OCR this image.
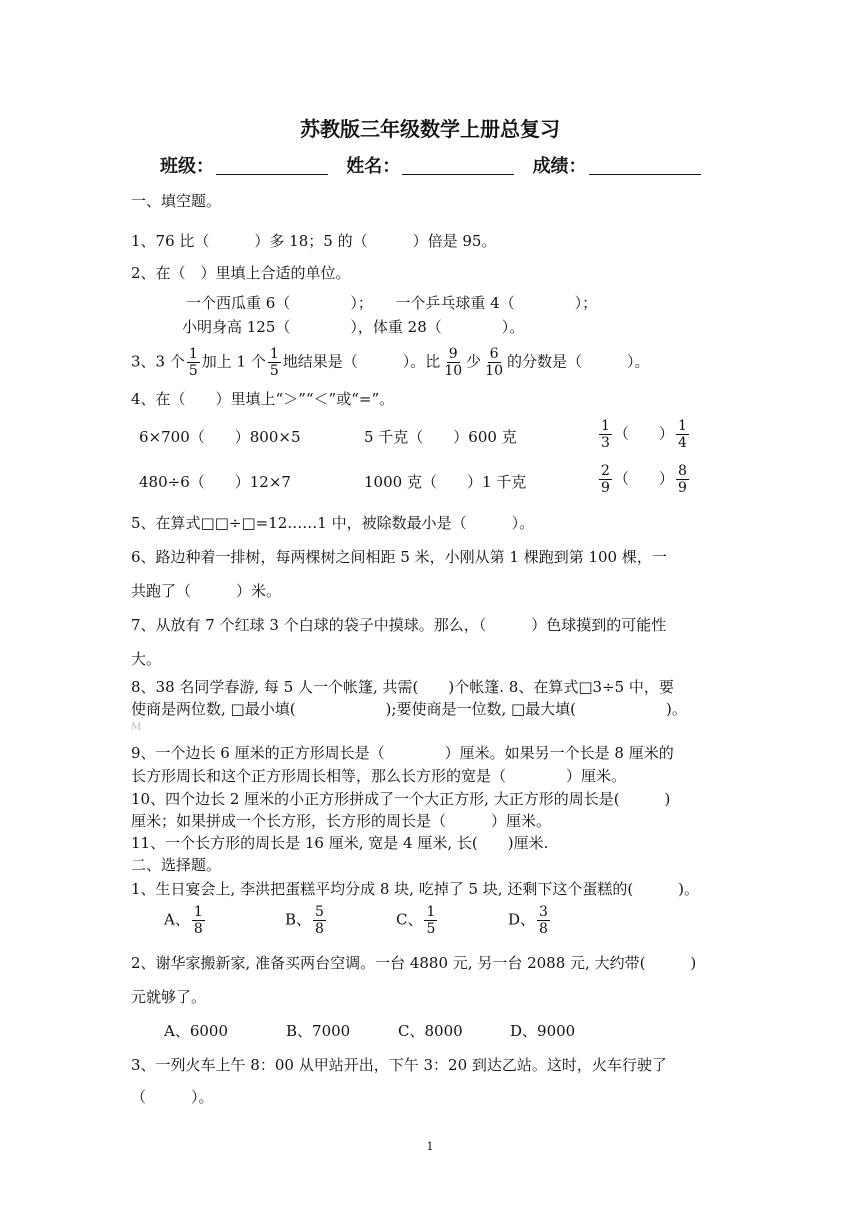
苏教版三年级数学上册总复习
班级：	姓名：	成绩：
一、填空题。
1、76 比（　　　）多 18；5 的（　　　）倍是 95。
2、在（　）里填上合适的单位。
一个西瓜重 6（　　　　）；　　一个乒乓球重 4（　　　　）；
小明身高 125（　　　　），体重 28（　　　　）。
3、3 个 $\frac{1}{5}$ 加上 1 个 $\frac{1}{5}$ 地结果是（　　　）。比 $\frac{9}{10}$ 少 $\frac{6}{10}$ 的分数是（　　　）。
4、在（　　）里填上“＞”“＜”或“=”。
6×700（　　）800×5	5 千克（　　）600 克	$\frac{1}{3}$ （　　） $\frac{1}{4}$
480÷6（　　）12×7	1000 克（　　）1 千克	$\frac{2}{9}$ （　　） $\frac{8}{9}$
5、在算式□□÷□=12……1 中，被除数最小是（　　　）。
6、路边种着一排树，每两棵树之间相距 5 米，小刚从第 1 棵跑到第 100 棵，一
共跑了（　　　）米。
7、从放有 7 个红球 3 个白球的袋子中摸球。那么，（　　　）色球摸到的可能性
大。
8、38 名同学春游, 每 5 人一个帐篷, 共需(　　)个帐篷. 8、在算式□3÷5 中，要
使商是两位数, □最小填(　　　　　　);要使商是一位数, □最大填(　　　　　　)。
M
9、一个边长 6 厘米的正方形周长是（　　　　）厘米。如果另一个长是 8 厘米的
长方形周长和这个正方形周长相等，那么长方形的宽是（　　　　）厘米。
10、四个边长 2 厘米的小正方形拼成了一个大正方形, 大正方形的周长是(　　　)
厘米；如果拼成一个长方形，长方形的周长是（　　　）厘米。
11、一个长方形的周长是 16 厘米, 宽是 4 厘米, 长(　　)厘米.
二、选择题。
1、生日宴会上, 李洪把蛋糕平均分成 8 块, 吃掉了 5 块, 还剩下这个蛋糕的(　　　)。
A、 $\frac{1}{8}$	B、 $\frac{5}{8}$	C、 $\frac{1}{5}$	D、 $\frac{3}{8}$
2、谢华家搬新家, 准备买两台空调。一台 4880 元, 另一台 2088 元, 大约带(　　　)
元就够了。
A、6000	B、7000	C、8000	D、9000
3、一列火车上午 8：00 从甲站开出，下午 3：20 到达乙站。这时，火车行驶了
（　　　）。
1
